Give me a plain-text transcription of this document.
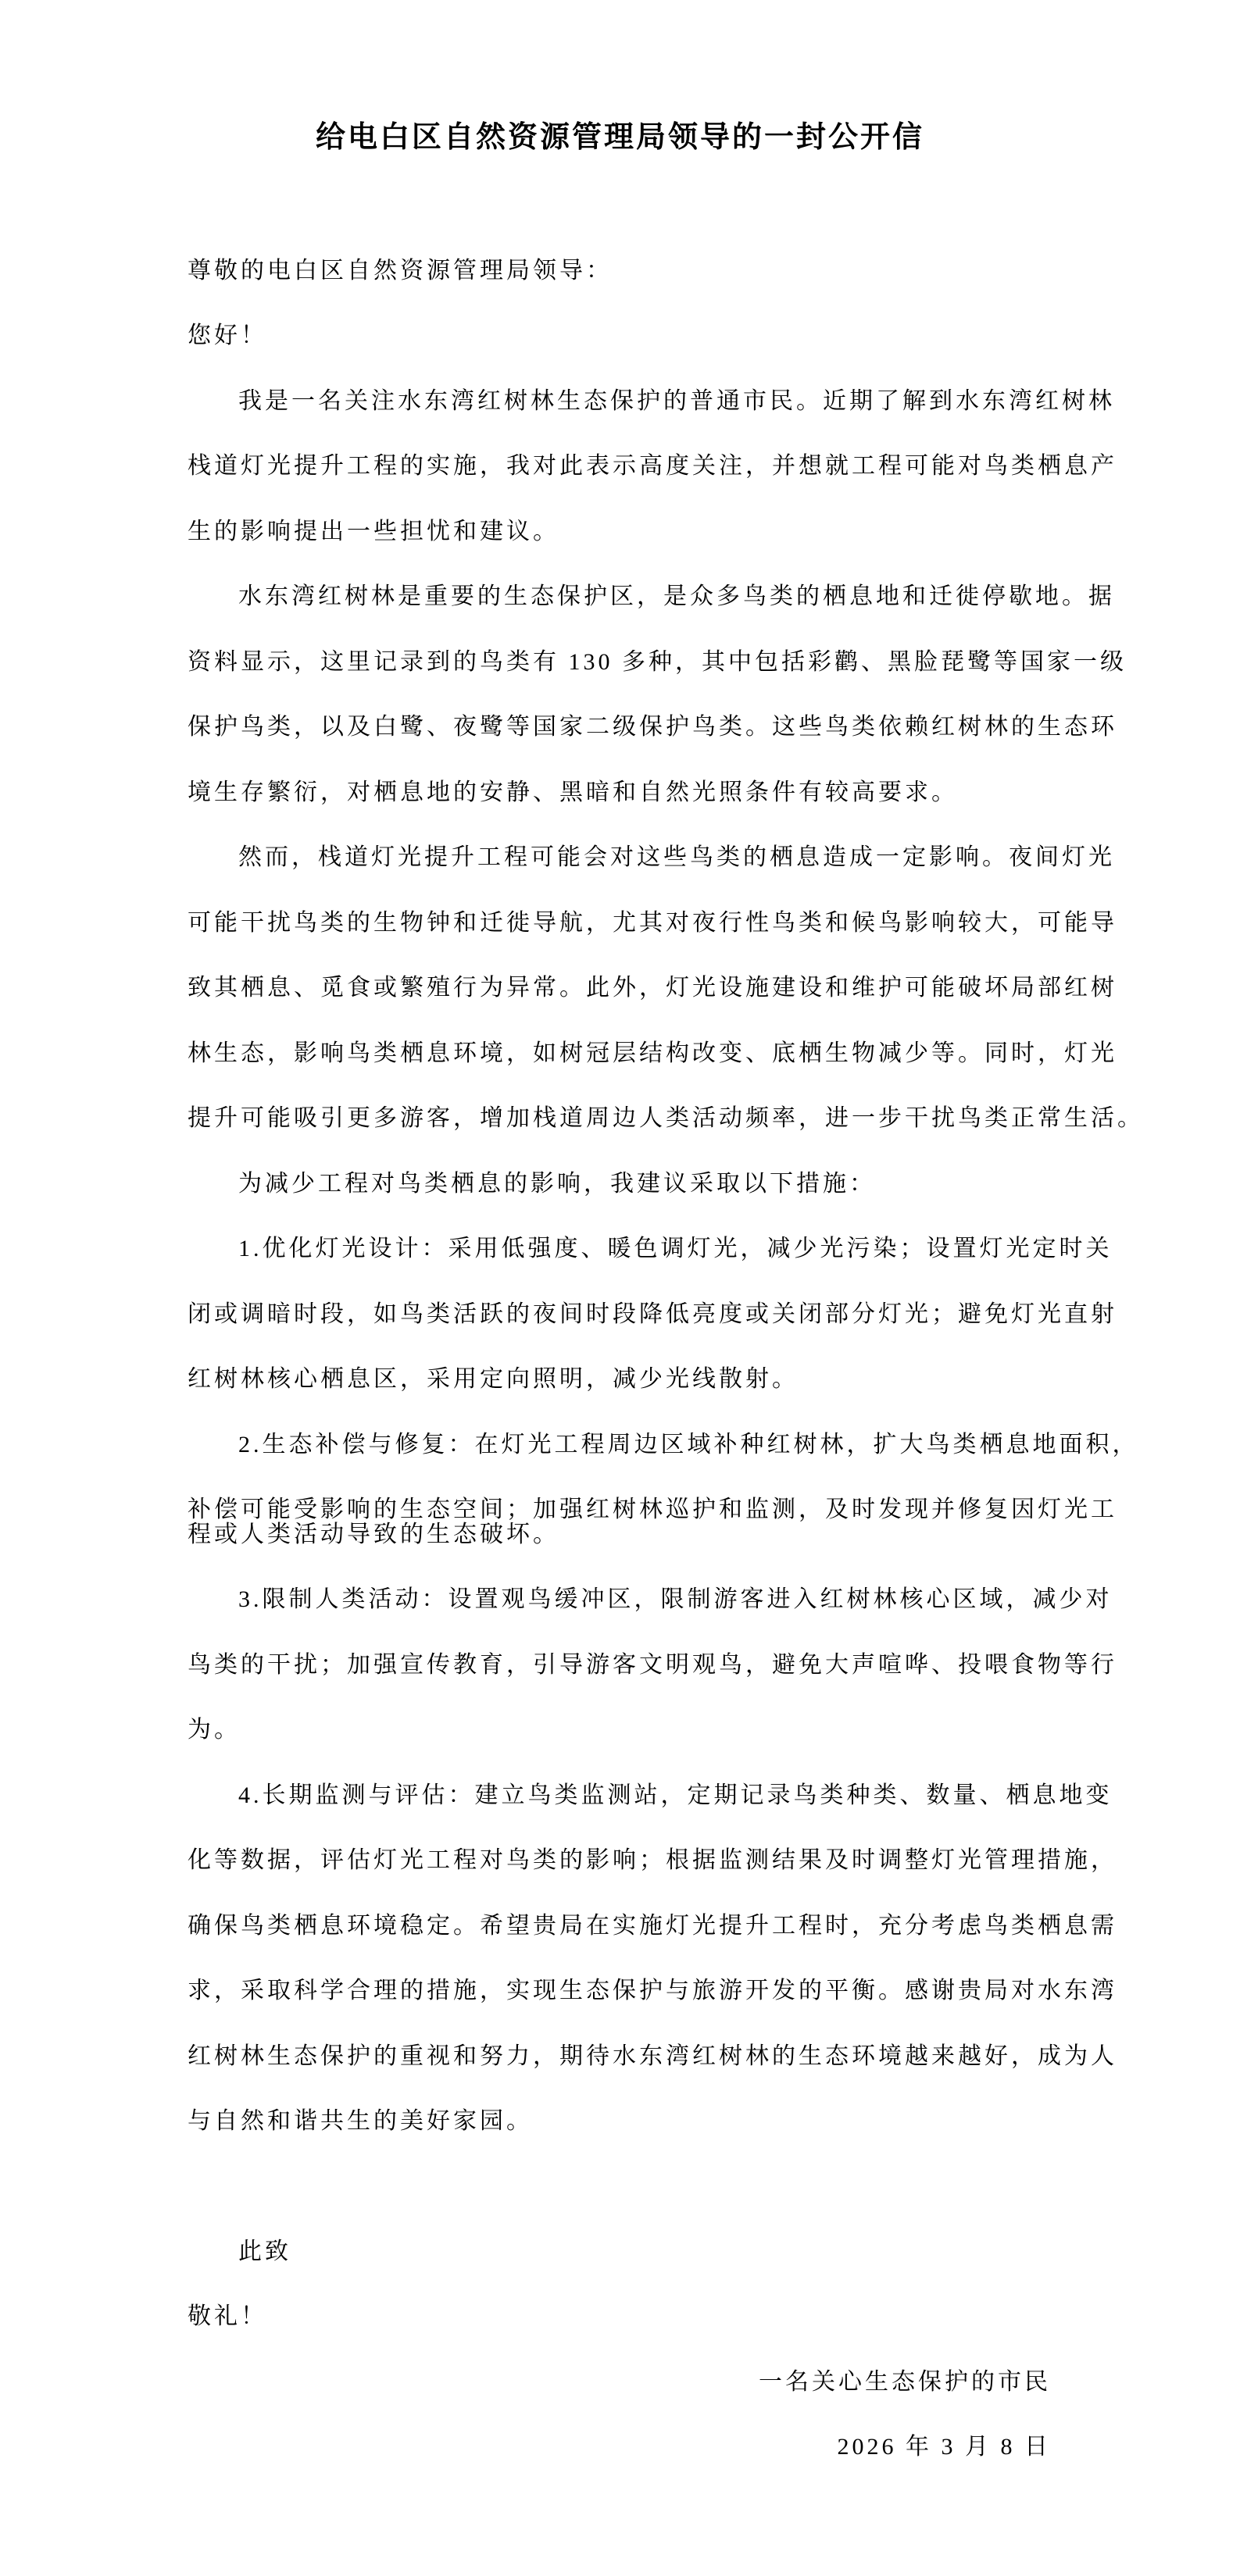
给电白区自然资源管理局领导的一封公开信
尊敬的电白区自然资源管理局领导：
您好！
我是一名关注水东湾红树林生态保护的普通市民。近期了解到水东湾红树林
栈道灯光提升工程的实施，我对此表示高度关注，并想就工程可能对鸟类栖息产
生的影响提出一些担忧和建议。
水东湾红树林是重要的生态保护区，是众多鸟类的栖息地和迁徙停歇地。据
资料显示，这里记录到的鸟类有 130 多种，其中包括彩鹳、黑脸琵鹭等国家一级
保护鸟类，以及白鹭、夜鹭等国家二级保护鸟类。这些鸟类依赖红树林的生态环
境生存繁衍，对栖息地的安静、黑暗和自然光照条件有较高要求。
然而，栈道灯光提升工程可能会对这些鸟类的栖息造成一定影响。夜间灯光
可能干扰鸟类的生物钟和迁徙导航，尤其对夜行性鸟类和候鸟影响较大，可能导
致其栖息、觅食或繁殖行为异常。此外，灯光设施建设和维护可能破坏局部红树
林生态，影响鸟类栖息环境，如树冠层结构改变、底栖生物减少等。同时，灯光
提升可能吸引更多游客，增加栈道周边人类活动频率，进一步干扰鸟类正常生活。
为减少工程对鸟类栖息的影响，我建议采取以下措施：
1.优化灯光设计：采用低强度、暖色调灯光，减少光污染；设置灯光定时关
闭或调暗时段，如鸟类活跃的夜间时段降低亮度或关闭部分灯光；避免灯光直射
红树林核心栖息区，采用定向照明，减少光线散射。
2.生态补偿与修复：在灯光工程周边区域补种红树林，扩大鸟类栖息地面积，
补偿可能受影响的生态空间；加强红树林巡护和监测，及时发现并修复因灯光工
程或人类活动导致的生态破坏。
3.限制人类活动：设置观鸟缓冲区，限制游客进入红树林核心区域，减少对
鸟类的干扰；加强宣传教育，引导游客文明观鸟，避免大声喧哗、投喂食物等行
为。
4.长期监测与评估：建立鸟类监测站，定期记录鸟类种类、数量、栖息地变
化等数据，评估灯光工程对鸟类的影响；根据监测结果及时调整灯光管理措施，
确保鸟类栖息环境稳定。希望贵局在实施灯光提升工程时，充分考虑鸟类栖息需
求，采取科学合理的措施，实现生态保护与旅游开发的平衡。感谢贵局对水东湾
红树林生态保护的重视和努力，期待水东湾红树林的生态环境越来越好，成为人
与自然和谐共生的美好家园。
此致
敬礼！
一名关心生态保护的市民
2026 年 3 月 8 日
